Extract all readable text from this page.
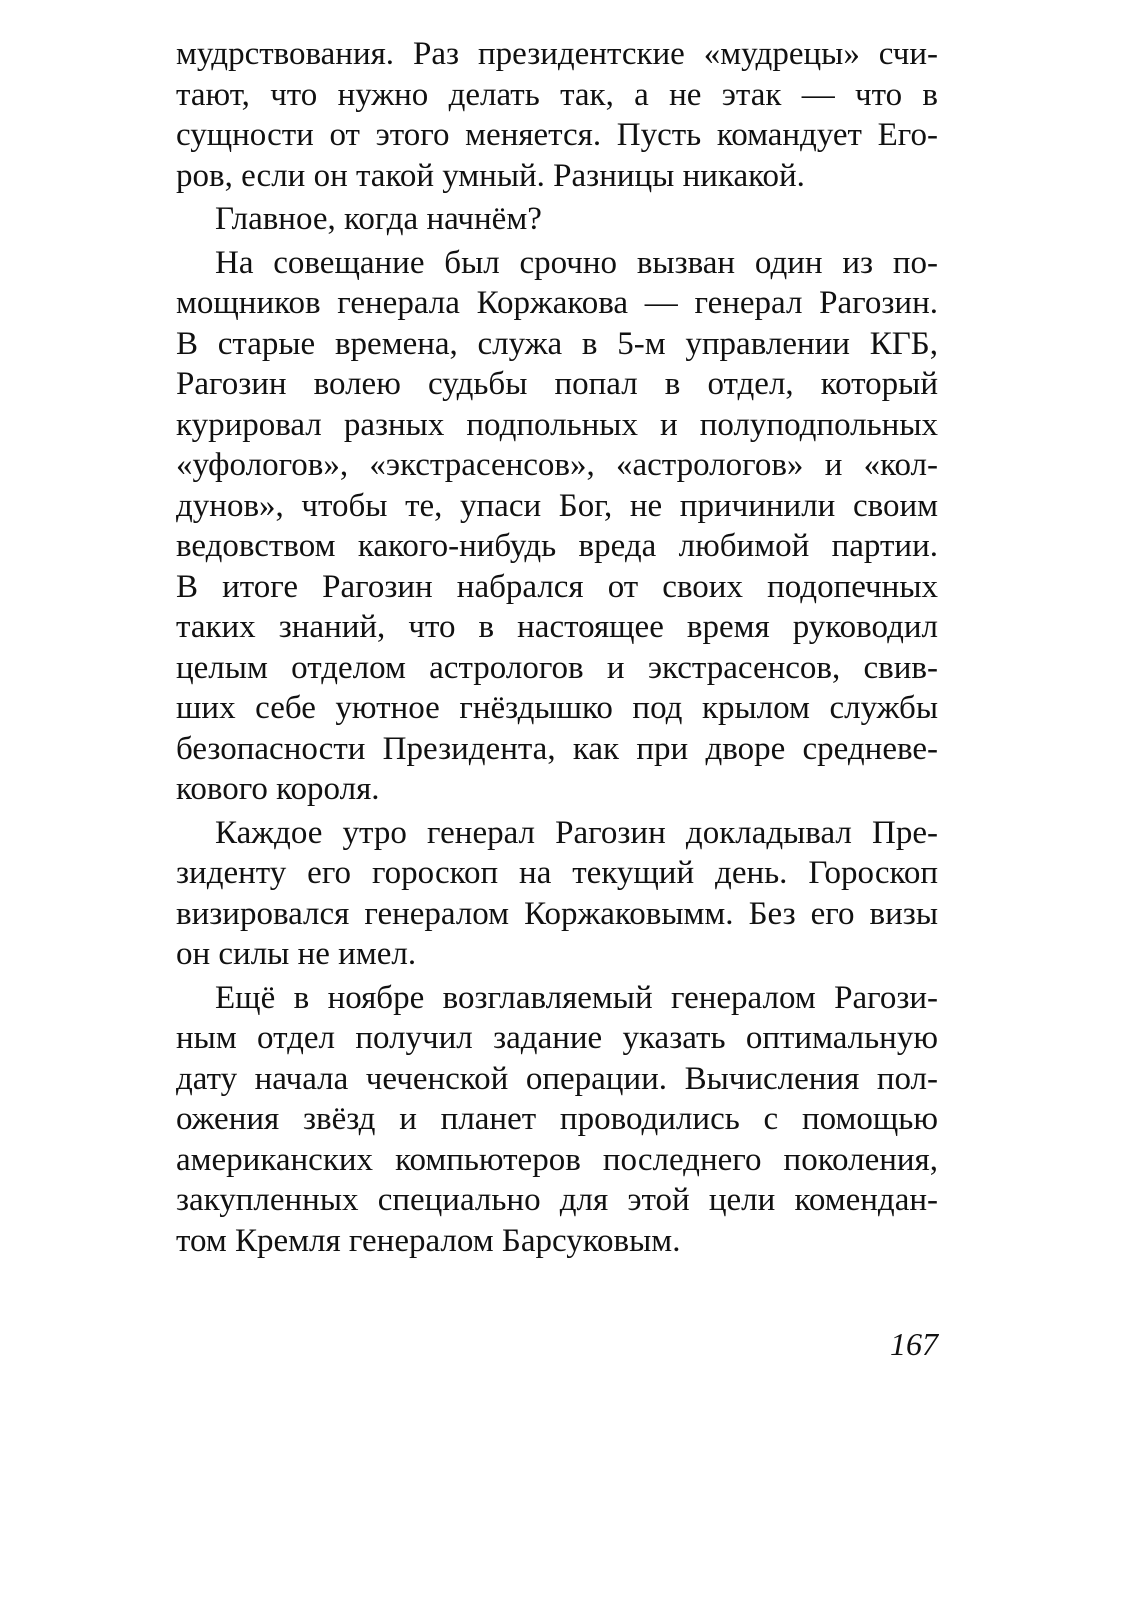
мудрствования. Раз президентские «мудрецы» счи-
тают, что нужно делать так, а не этак — что в
сущности от этого меняется. Пусть командует Его-
ров, если он такой умный. Разницы никакой.
Главное, когда начнём?
На совещание был срочно вызван один из по-
мощников генерала Коржакова — генерал Рагозин.
В старые времена, служа в 5-м управлении КГБ,
Рагозин волею судьбы попал в отдел, который
курировал разных подпольных и полуподпольных
«уфологов», «экстрасенсов», «астрологов» и «кол-
дунов», чтобы те, упаси Бог, не причинили своим
ведовством какого-нибудь вреда любимой партии.
В итоге Рагозин набрался от своих подопечных
таких знаний, что в настоящее время руководил
целым отделом астрологов и экстрасенсов, свив-
ших себе уютное гнёздышко под крылом службы
безопасности Президента, как при дворе средневе-
кового короля.
Каждое утро генерал Рагозин докладывал Пре-
зиденту его гороскоп на текущий день. Гороскоп
визировался генералом Коржаковымм. Без его визы
он силы не имел.
Ещё в ноябре возглавляемый генералом Рагози-
ным отдел получил задание указать оптимальную
дату начала чеченской операции. Вычисления пол-
ожения звёзд и планет проводились с помощью
американских компьютеров последнего поколения,
закупленных специально для этой цели комендан-
том Кремля генералом Барсуковым.
167
